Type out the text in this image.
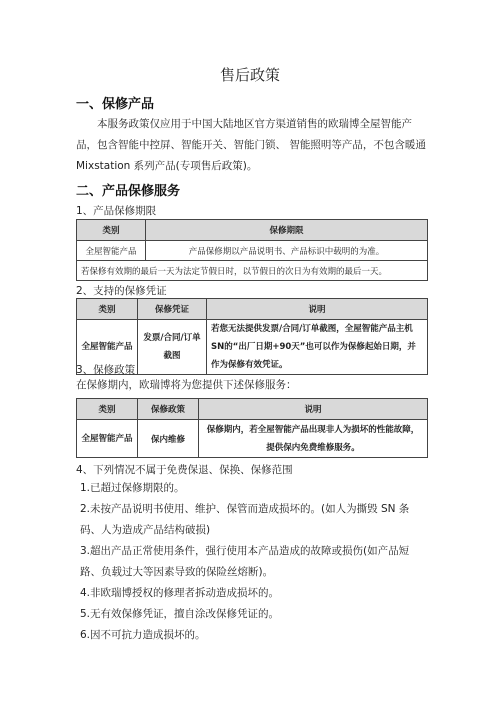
售后政策
一、保修产品
本服务政策仅应用于中国大陆地区官方渠道销售的欧瑞博全屋智能产品，包含智能中控屏、智能开关、智能门锁、 智能照明等产品，不包含暖通 Mixstation 系列产品(专项售后政策)。
二、产品保修服务
1、产品保修期限
类别	保修期限
全屋智能产品	产品保修期以产品说明书、产品标识中载明的为准。
若保修有效期的最后一天为法定节假日时，以节假日的次日为有效期的最后一天。	
2、支持的保修凭证
类别	保修凭证	说明
全屋智能产品	发票/合同/订单截图	若您无法提供发票/合同/订单截图，全屋智能产品主机SN的“出厂日期+90天”也可以作为保修起始日期，并作为保修有效凭证。
3、保修政策
在保修期内，欧瑞博将为您提供下述保修服务：
类别	保修政策	说明
全屋智能产品	保内维修	保修期内，若全屋智能产品出现非人为损坏的性能故障，提供保内免费维修服务。
4、下列情况不属于免费保退、保换、保修范围
1.已超过保修期限的。
2.未按产品说明书使用、维护、保管而造成损坏的。(如人为撕毁 SN 条码、人为造成产品结构破损)
3.超出产品正常使用条件，强行使用本产品造成的故障或损伤(如产品短路、负载过大等因素导致的保险丝熔断)。
4.非欧瑞博授权的修理者拆动造成损坏的。
5.无有效保修凭证，擅自涂改保修凭证的。
6.因不可抗力造成损坏的。
